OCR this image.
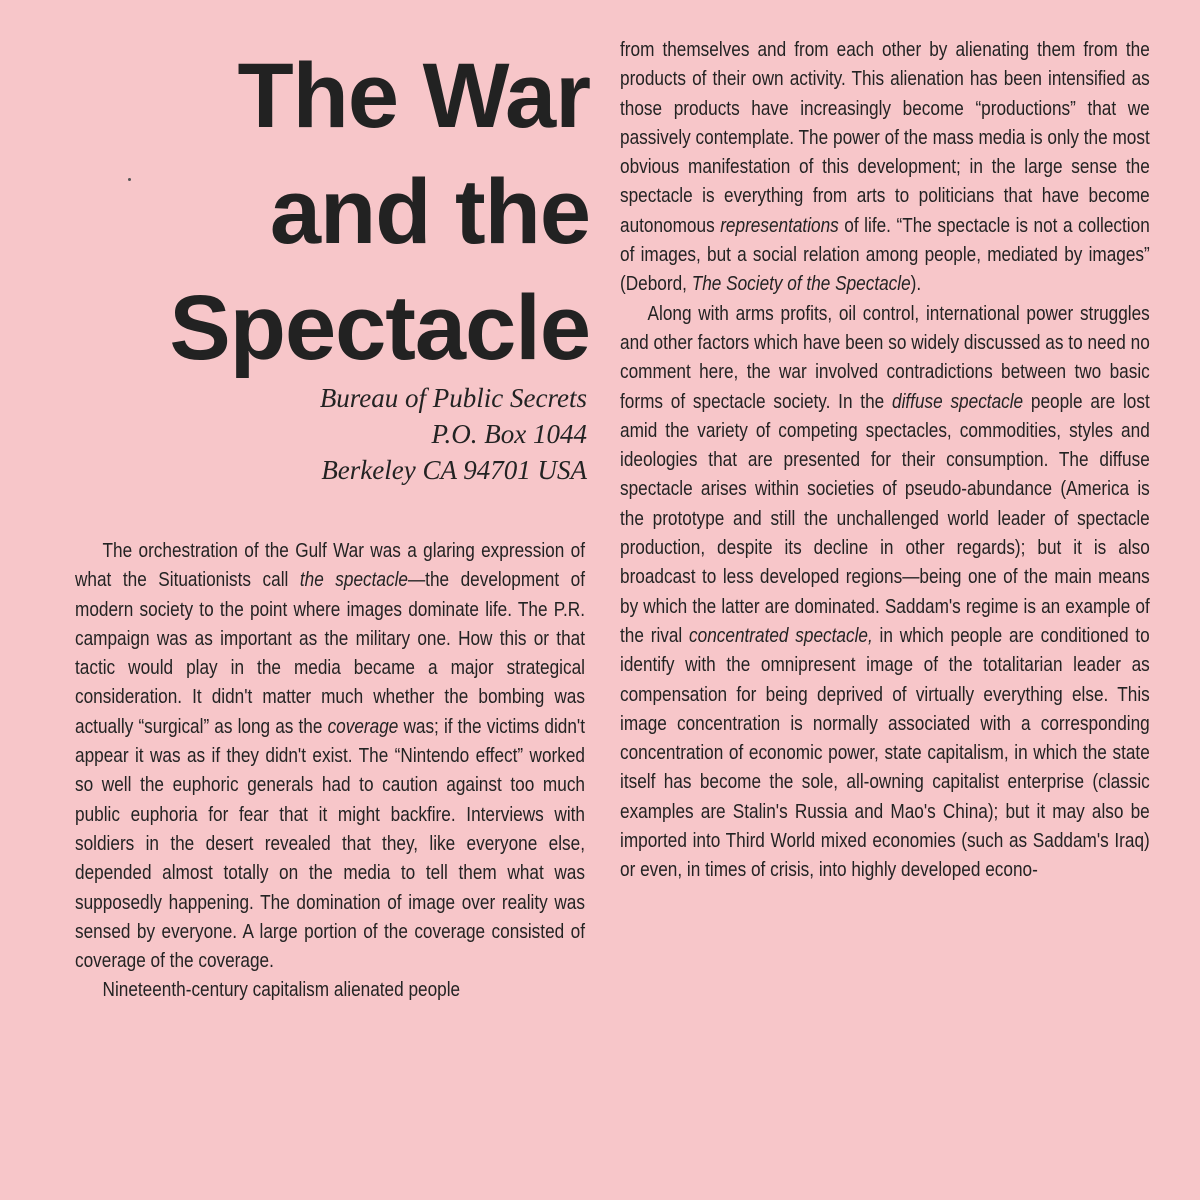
The War
and the
Spectacle
Bureau of Public Secrets
P.O. Box 1044
Berkeley CA 94701 USA

The orchestration of the Gulf War was a glaring expression of what the Situationists call the spectacle—the development of modern society to the point where images dominate life. The P.R. campaign was as important as the military one. How this or that tactic would play in the media became a major strategical consideration. It didn't matter much whether the bombing was actually “surgical” as long as the coverage was; if the victims didn't appear it was as if they didn't exist. The “Nintendo effect” worked so well the euphoric generals had to caution against too much public euphoria for fear that it might backfire. Interviews with soldiers in the desert revealed that they, like everyone else, depended almost totally on the media to tell them what was supposedly happening. The domination of image over reality was sensed by everyone. A large portion of the coverage consisted of coverage of the coverage.

Nineteenth-century capitalism alienated people

from themselves and from each other by alienating them from the products of their own activity. This alienation has been intensified as those products have increasingly become “productions” that we passively contemplate. The power of the mass media is only the most obvious manifestation of this development; in the large sense the spectacle is everything from arts to politicians that have become autonomous representations of life. “The spectacle is not a collection of images, but a social relation among people, mediated by images” (Debord, The Society of the Spectacle).

Along with arms profits, oil control, international power struggles and other factors which have been so widely discussed as to need no comment here, the war involved contradictions between two basic forms of spectacle society. In the diffuse spectacle people are lost amid the variety of competing spectacles, commodities, styles and ideologies that are presented for their consumption. The diffuse spectacle arises within societies of pseudo-abundance (America is the prototype and still the unchallenged world leader of spectacle production, despite its decline in other regards); but it is also broadcast to less developed regions—being one of the main means by which the latter are dominated. Saddam's regime is an example of the rival concentrated spectacle, in which people are conditioned to identify with the omnipresent image of the totalitarian leader as compensation for being deprived of virtually everything else. This image concentration is normally associated with a corresponding concentration of economic power, state capitalism, in which the state itself has become the sole, all-owning capitalist enterprise (classic examples are Stalin's Russia and Mao's China); but it may also be imported into Third World mixed economies (such as Saddam's Iraq) or even, in times of crisis, into highly developed econo-
